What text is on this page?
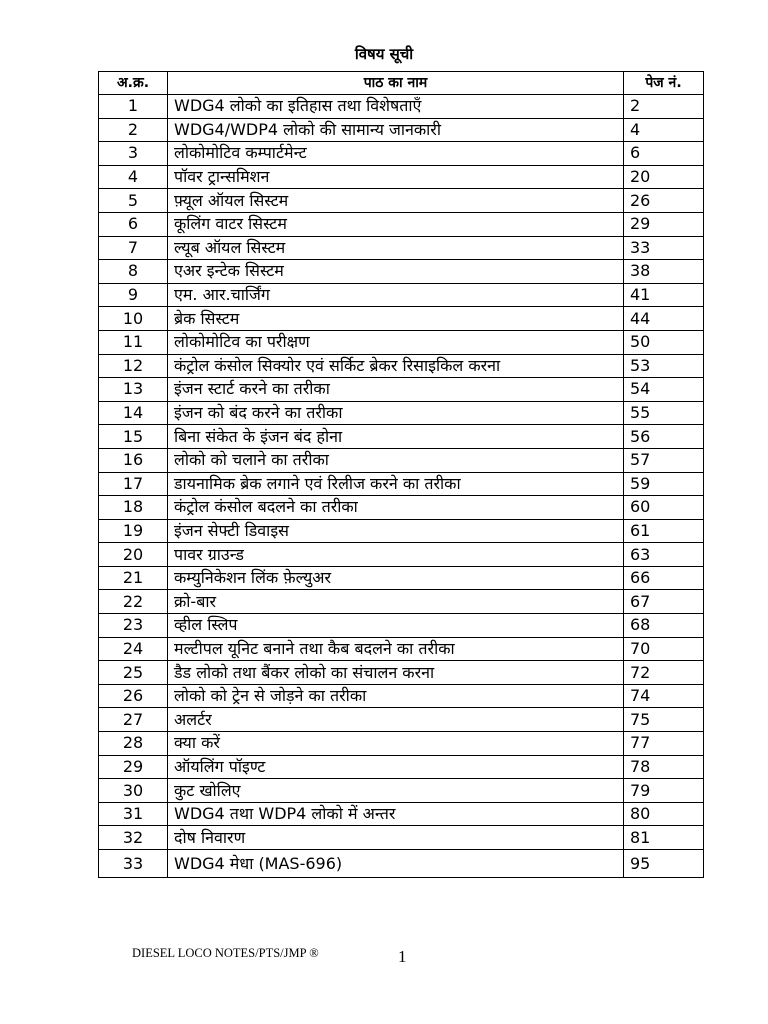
विषय सूची
अ.क्र.	पाठ का नाम	पेज नं.
1	WDG4 लोको का इतिहास तथा विशेषताएँ	2
2	WDG4/WDP4 लोको की सामान्य जानकारी	4
3	लोकोमोटिव कम्पार्टमेन्ट	6
4	पॉवर ट्रान्समिशन	20
5	फ़्यूल ऑयल सिस्टम	26
6	कूलिंग वाटर सिस्टम	29
7	ल्यूब ऑयल सिस्टम	33
8	एअर इन्टेक सिस्टम	38
9	एम. आर.चार्जिंग	41
10	ब्रेक सिस्टम	44
11	लोकोमोटिव का परीक्षण	50
12	कंट्रोल कंसोल सिक्योर एवं सर्किट ब्रेकर रिसाइकिल करना	53
13	इंजन स्टार्ट करने का तरीका	54
14	इंजन को बंद करने का तरीका	55
15	बिना संकेत के इंजन बंद होना	56
16	लोको को चलाने का तरीका	57
17	डायनामिक ब्रेक लगाने एवं रिलीज करने का तरीका	59
18	कंट्रोल कंसोल बदलने का तरीका	60
19	इंजन सेफ्टी डिवाइस	61
20	पावर ग्राउन्ड	63
21	कम्युनिकेशन लिंक फ़ेल्युअर	66
22	क्रो-बार	67
23	व्हील स्लिप	68
24	मल्टीपल यूनिट बनाने तथा कैब बदलने का तरीका	70
25	डैड लोको तथा बैंकर लोको का संचालन करना	72
26	लोको को ट्रेन से जोड़ने का तरीका	74
27	अलर्टर	75
28	क्या करें	77
29	ऑयलिंग पॉइण्ट	78
30	कुट खोलिए	79
31	WDG4 तथा WDP4 लोको में अन्तर	80
32	दोष निवारण	81
33	WDG4 मेधा (MAS-696)	95
DIESEL LOCO NOTES/PTS/JMP ®	1
